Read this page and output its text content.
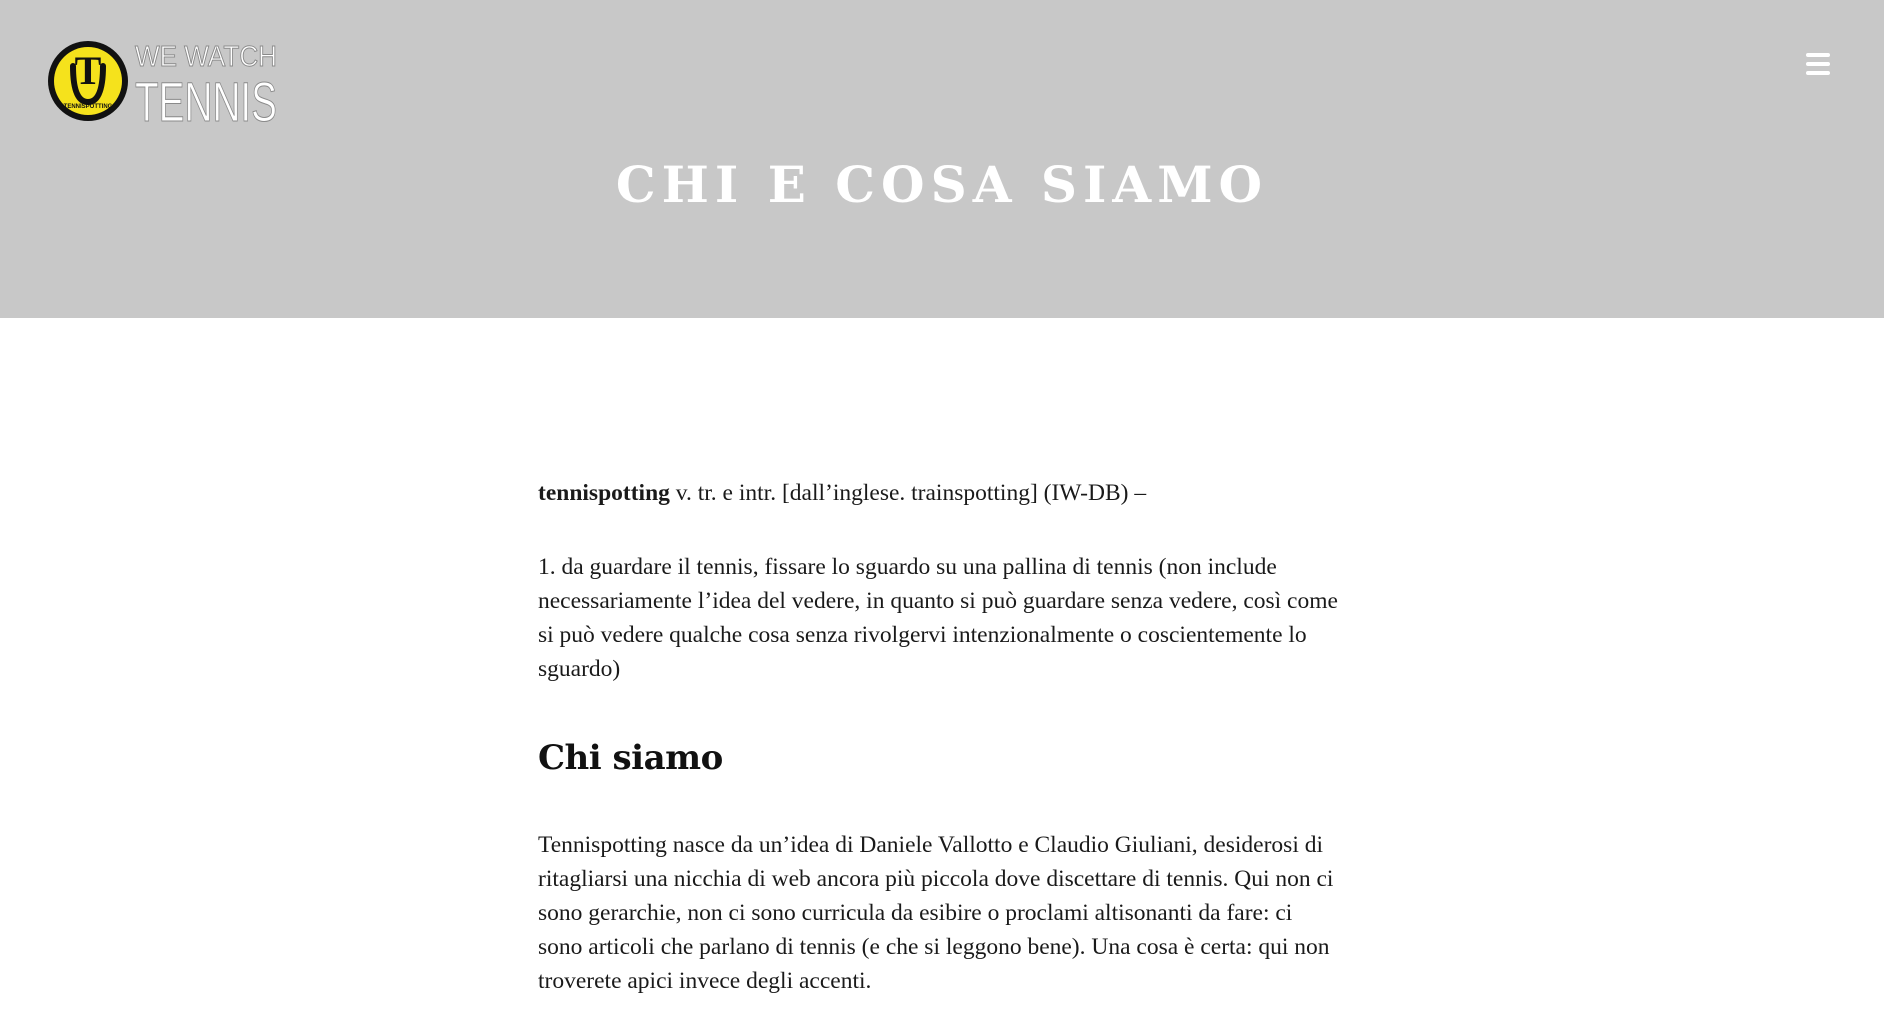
T
TENNISPOTTING
WE WATCH
TENNIS
CHI E COSA SIAMO

tennispotting v. tr. e intr. [dall’inglese. trainspotting] (IW-DB) –

1. da guardare il tennis, fissare lo sguardo su una pallina di tennis (non include necessariamente l’idea del vedere, in quanto si può guardare senza vedere, così come si può vedere qualche cosa senza rivolgervi intenzionalmente o coscientemente lo sguardo)

Chi siamo

Tennispotting nasce da un’idea di Daniele Vallotto e Claudio Giuliani, desiderosi di ritagliarsi una nicchia di web ancora più piccola dove discettare di tennis. Qui non ci sono gerarchie, non ci sono curricula da esibire o proclami altisonanti da fare: ci sono articoli che parlano di tennis (e che si leggono bene). Una cosa è certa: qui non troverete apici invece degli accenti.
